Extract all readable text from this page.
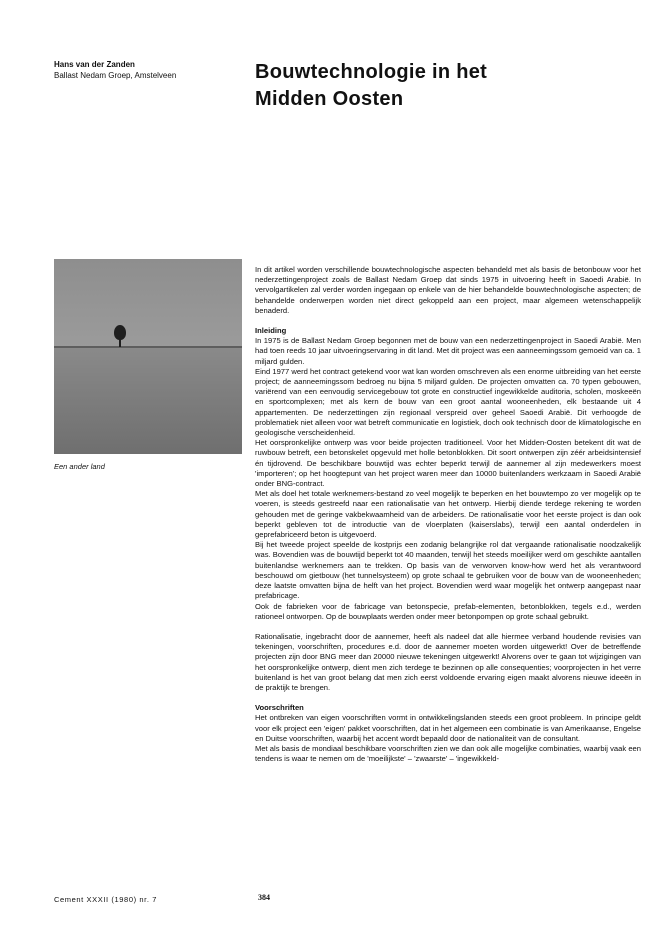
Hans van der Zanden
Ballast Nedam Groep, Amstelveen	Bouwtechnologie in het
Midden Oosten
Een ander land

In dit artikel worden verschillende bouwtechnologische aspecten behandeld met als basis de betonbouw voor het nederzettingenproject zoals de Ballast Nedam Groep dat sinds 1975 in uitvoering heeft in Saoedi Arabië. In vervolgartikelen zal verder worden ingegaan op enkele van de hier behandelde bouwtechnologische aspecten; de behandelde onderwerpen worden niet direct gekoppeld aan een project, maar algemeen wetenschappelijk benaderd.

Inleiding

In 1975 is de Ballast Nedam Groep begonnen met de bouw van een nederzettingenproject in Saoedi Arabië. Men had toen reeds 10 jaar uitvoeringservaring in dit land. Met dit project was een aanneemingssom gemoeid van ca. 1 miljard gulden.

Eind 1977 werd het contract getekend voor wat kan worden omschreven als een enorme uitbreiding van het eerste project; de aanneemingssom bedroeg nu bijna 5 miljard gulden. De projecten omvatten ca. 70 typen gebouwen, variërend van een eenvoudig servicegebouw tot grote en constructief ingewikkelde auditoria, scholen, moskeeën en sportcomplexen; met als kern de bouw van een groot aantal wooneenheden, elk bestaande uit 4 appartementen. De nederzettingen zijn regionaal verspreid over geheel Saoedi Arabië. Dit verhoogde de problematiek niet alleen voor wat betreft communicatie en logistiek, doch ook technisch door de klimatologische en geologische verscheidenheid.

Het oorspronkelijke ontwerp was voor beide projecten traditioneel. Voor het Midden-Oosten betekent dit wat de ruwbouw betreft, een betonskelet opgevuld met holle betonblokken. Dit soort ontwerpen zijn zéér arbeidsintensief én tijdrovend. De beschikbare bouwtijd was echter beperkt terwijl de aannemer al zijn medewerkers moest 'importeren'; op het hoogtepunt van het project waren meer dan 10000 buitenlanders werkzaam in Saoedi Arabië onder BNG-contract.

Met als doel het totale werknemers-bestand zo veel mogelijk te beperken en het bouwtempo zo ver mogelijk op te voeren, is steeds gestreefd naar een rationalisatie van het ontwerp. Hierbij diende terdege rekening te worden gehouden met de geringe vakbekwaamheid van de arbeiders. De rationalisatie voor het eerste project is dan ook beperkt gebleven tot de introductie van de vloerplaten (kaiserslabs), terwijl een aantal onderdelen in geprefabriceerd beton is uitgevoerd.

Bij het tweede project speelde de kostprijs een zodanig belangrijke rol dat vergaande rationalisatie noodzakelijk was. Bovendien was de bouwtijd beperkt tot 40 maanden, terwijl het steeds moeilijker werd om geschikte aantallen buitenlandse werknemers aan te trekken. Op basis van de verworven know-how werd het als verantwoord beschouwd om gietbouw (het tunnelsysteem) op grote schaal te gebruiken voor de bouw van de wooneenheden; deze laatste omvatten bijna de helft van het project. Bovendien werd waar mogelijk het ontwerp aangepast naar prefabricage.

Ook de fabrieken voor de fabricage van betonspecie, prefab-elementen, betonblokken, tegels e.d., werden rationeel ontworpen. Op de bouwplaats werden onder meer betonpompen op grote schaal gebruikt.

Rationalisatie, ingebracht door de aannemer, heeft als nadeel dat alle hiermee verband houdende revisies van tekeningen, voorschriften, procedures e.d. door de aannemer moeten worden uitgewerkt! Over de betreffende projecten zijn door BNG meer dan 20000 nieuwe tekeningen uitgewerkt! Alvorens over te gaan tot wijzigingen van het oorspronkelijke ontwerp, dient men zich terdege te bezinnen op alle consequenties; voorprojecten in het verre buitenland is het van groot belang dat men zich eerst voldoende ervaring eigen maakt alvorens nieuwe ideeën in de praktijk te brengen.

Voorschriften

Het ontbreken van eigen voorschriften vormt in ontwikkelingslanden steeds een groot probleem. In principe geldt voor elk project een 'eigen' pakket voorschriften, dat in het algemeen een combinatie is van Amerikaanse, Engelse en Duitse voorschriften, waarbij het accent wordt bepaald door de nationaliteit van de consultant.

Met als basis de mondiaal beschikbare voorschriften zien we dan ook alle mogelijke combinaties, waarbij vaak een tendens is waar te nemen om de 'moeilijkste' – 'zwaarste' – 'ingewikkeld-

Cement XXXII (1980) nr. 7	384
